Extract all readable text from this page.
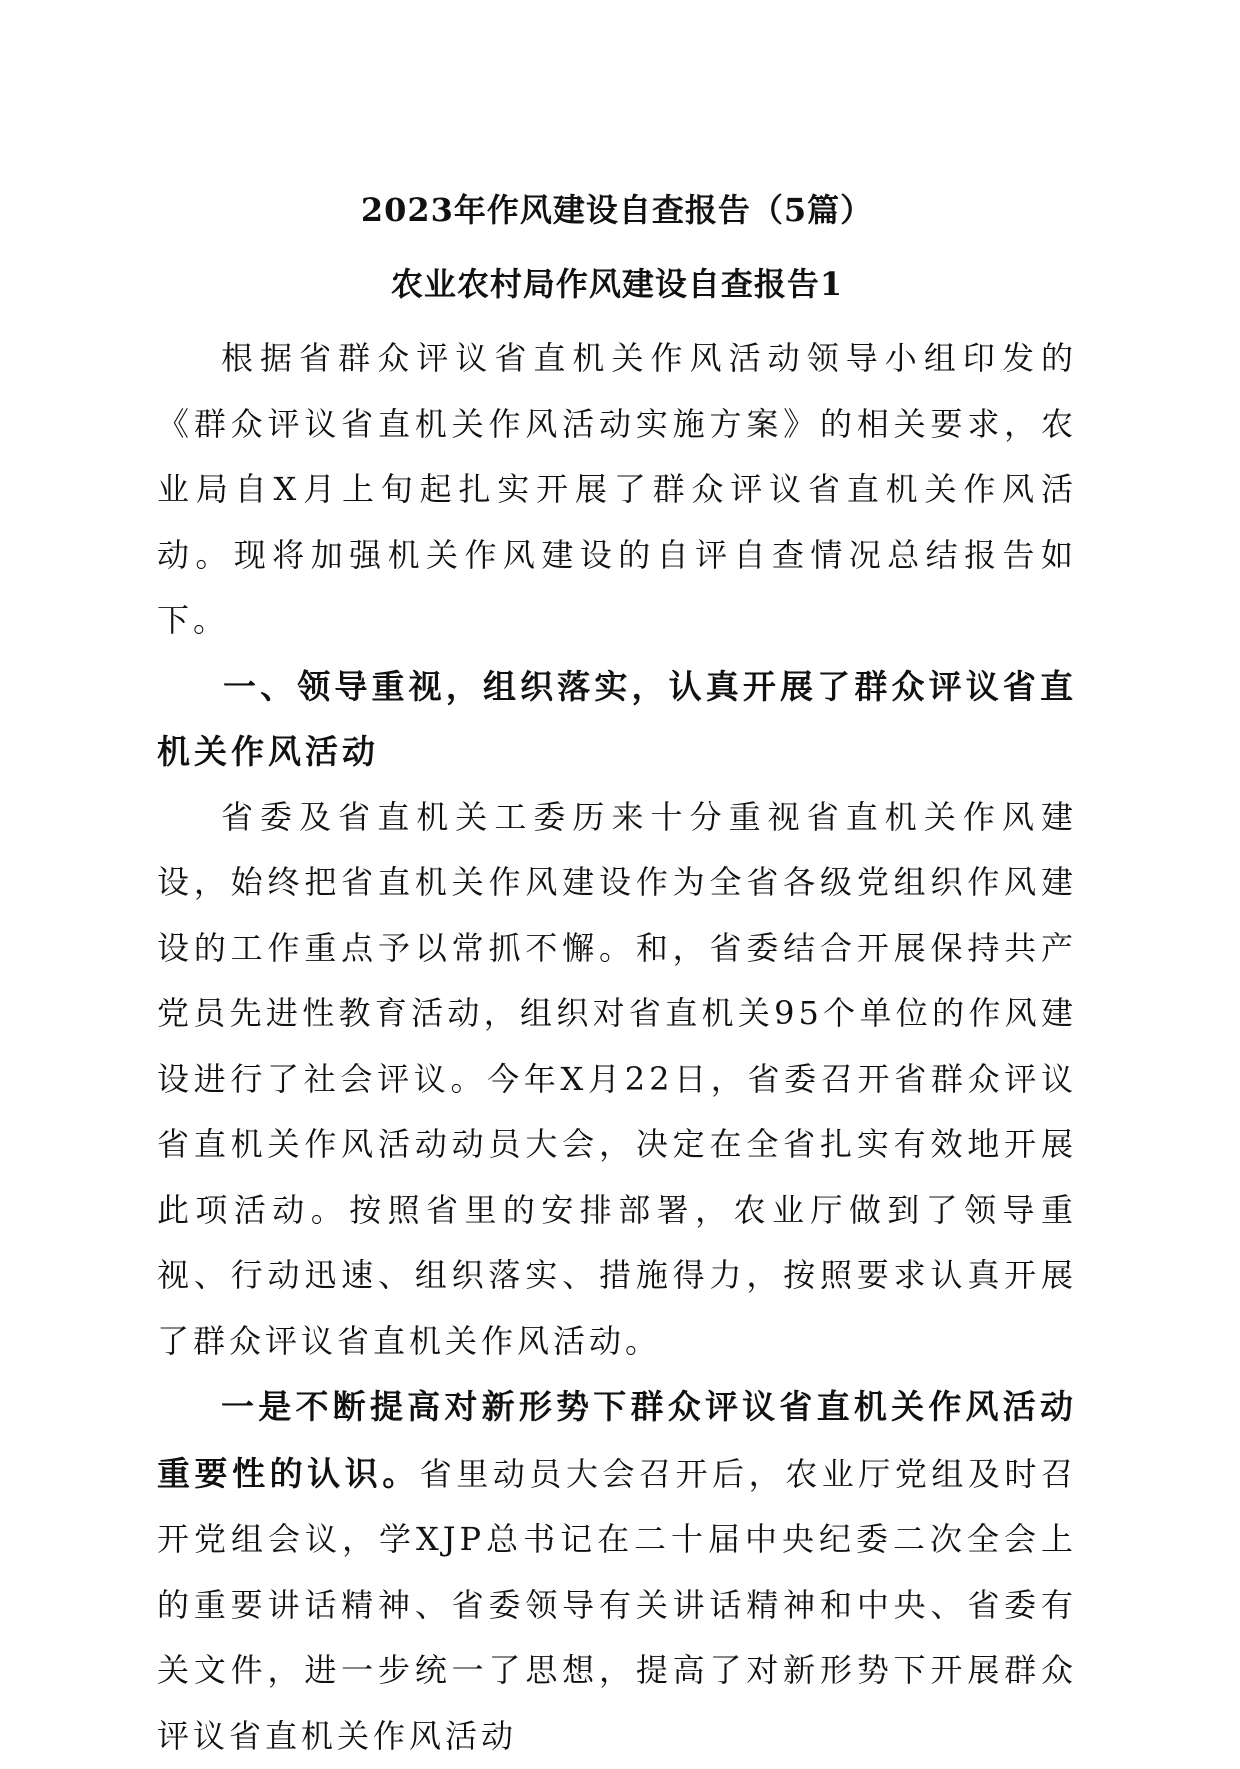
2023年作风建设自查报告（5篇）
农业农村局作风建设自查报告1

根据省群众评议省直机关作风活动领导小组印发的《群众评议省直机关作风活动实施方案》的相关要求，农业局自X月上旬起扎实开展了群众评议省直机关作风活动。现将加强机关作风建设的自评自查情况总结报告如下。

一、领导重视，组织落实，认真开展了群众评议省直机关作风活动

省委及省直机关工委历来十分重视省直机关作风建设，始终把省直机关作风建设作为全省各级党组织作风建设的工作重点予以常抓不懈。和，省委结合开展保持共产党员先进性教育活动，组织对省直机关95个单位的作风建设进行了社会评议。今年X月22日，省委召开省群众评议省直机关作风活动动员大会，决定在全省扎实有效地开展此项活动。按照省里的安排部署，农业厅做到了领导重视、行动迅速、组织落实、措施得力，按照要求认真开展了群众评议省直机关作风活动。

一是不断提高对新形势下群众评议省直机关作风活动重要性的认识。省里动员大会召开后，农业厅党组及时召开党组会议，学XJP总书记在二十届中央纪委二次全会上的重要讲话精神、省委领导有关讲话精神和中央、省委有关文件，进一步统一了思想，提高了对新形势下开展群众评议省直机关作风活动
